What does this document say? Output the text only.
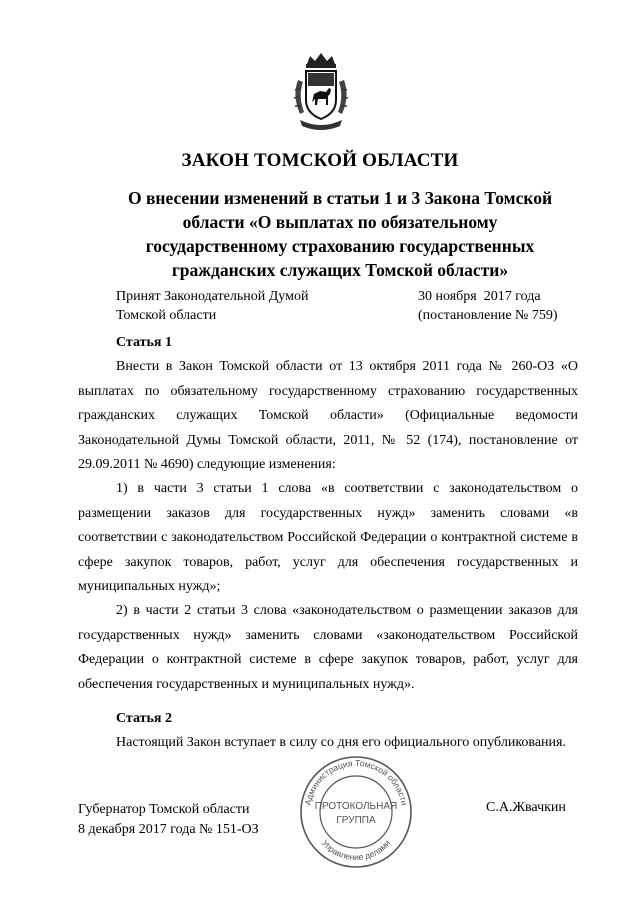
ЗАКОН ТОМСКОЙ ОБЛАСТИ
О внесении изменений в статьи 1 и 3 Закона Томской
области «О выплатах по обязательному
государственному страхованию государственных
гражданских служащих Томской области»
Принят Законодательной Думой
Томской области
30 ноября  2017 года
(постановление № 759)
Статья 1
Внести в Закон Томской области от 13 октября 2011 года № 260-ОЗ «О выплатах по обязательному государственному страхованию государственных гражданских служащих Томской области» (Официальные ведомости Законодательной Думы Томской области, 2011, № 52 (174), постановление от 29.09.2011 № 4690) следующие изменения:
1) в части 3 статьи 1 слова «в соответствии с законодательством о размещении заказов для государственных нужд» заменить словами «в соответствии с законодательством Российской Федерации о контрактной системе в сфере закупок товаров, работ, услуг для обеспечения государственных и муниципальных нужд»;
2) в части 2 статьи 3 слова «законодательством о размещении заказов для государственных нужд» заменить словами «законодательством Российской Федерации о контрактной системе в сфере закупок товаров, работ, услуг для обеспечения государственных и муниципальных нужд».
Статья 2
Настоящий Закон вступает в силу со дня его официального опубликования.
Губернатор Томской области
8 декабря 2017 года № 151-ОЗ
Администрация Томской области
Управление делами
ПРОТОКОЛЬНАЯ
ГРУППА
С.А.Жвачкин
